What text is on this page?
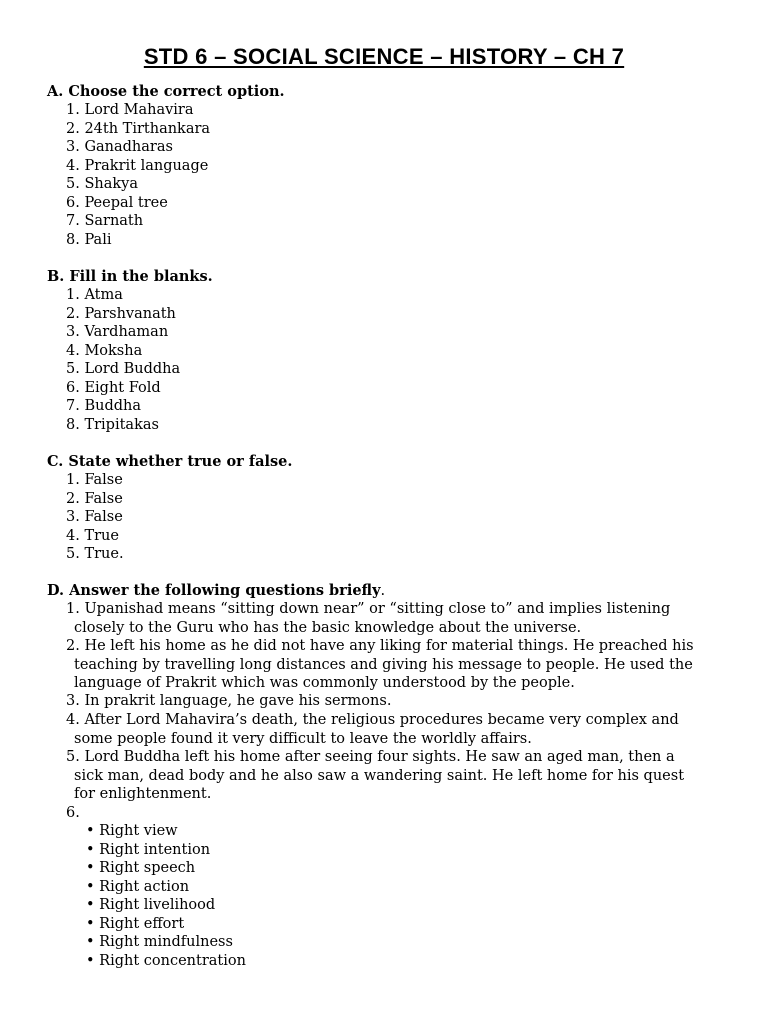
STD 6 – SOCIAL SCIENCE – HISTORY – CH 7
A. Choose the correct option.
1. Lord Mahavira
2. 24th Tirthankara
3. Ganadharas
4. Prakrit language
5. Shakya
6. Peepal tree
7. Sarnath
8. Pali
B. Fill in the blanks.
1. Atma
2. Parshvanath
3. Vardhaman
4. Moksha
5. Lord Buddha
6. Eight Fold
7. Buddha
8. Tripitakas
C. State whether true or false.
1. False
2. False
3. False
4. True
5. True.
D. Answer the following questions briefly.
1. Upanishad means “sitting down near” or “sitting close to” and implies listening
closely to the Guru who has the basic knowledge about the universe.
2. He left his home as he did not have any liking for material things. He preached his
teaching by travelling long distances and giving his message to people. He used the
language of Prakrit which was commonly understood by the people.
3. In prakrit language, he gave his sermons.
4. After Lord Mahavira’s death, the religious procedures became very complex and
some people found it very difficult to leave the worldly affairs.
5. Lord Buddha left his home after seeing four sights. He saw an aged man, then a
sick man, dead body and he also saw a wandering saint. He left home for his quest
for enlightenment.
6.
• Right view
• Right intention
• Right speech
• Right action
• Right livelihood
• Right effort
• Right mindfulness
• Right concentration
